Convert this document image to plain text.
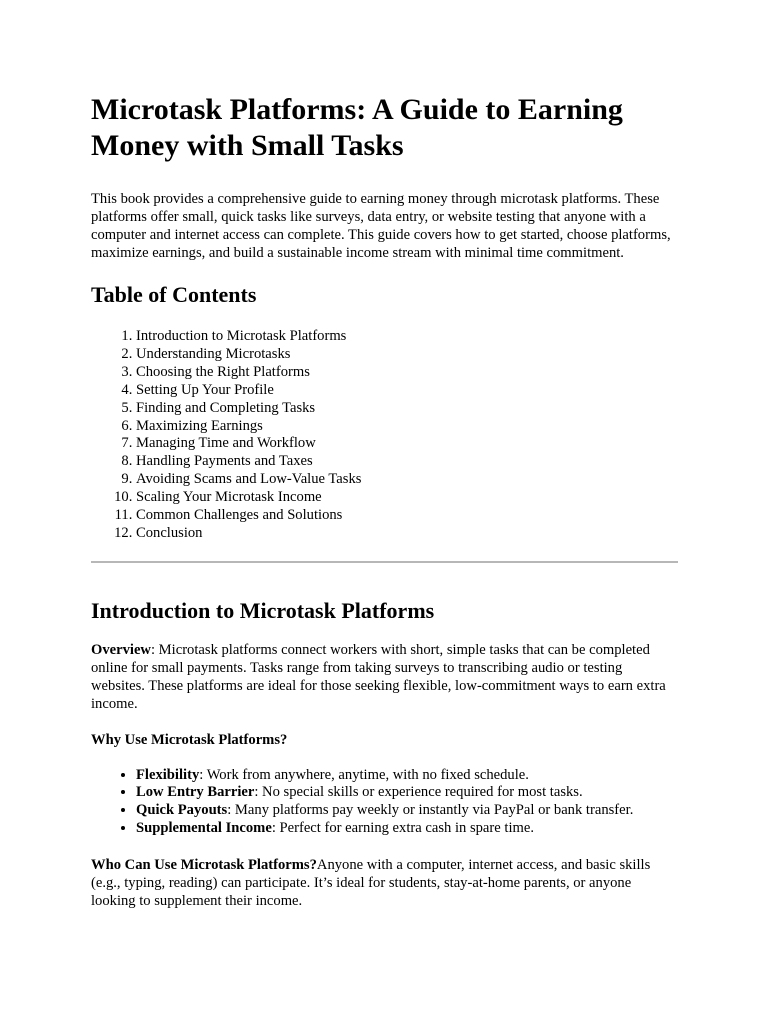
Microtask Platforms: A Guide to Earning Money with Small Tasks

This book provides a comprehensive guide to earning money through microtask platforms. These platforms offer small, quick tasks like surveys, data entry, or website testing that anyone with a computer and internet access can complete. This guide covers how to get started, choose platforms, maximize earnings, and build a sustainable income stream with minimal time commitment.

Table of Contents
1. Introduction to Microtask Platforms
2. Understanding Microtasks
3. Choosing the Right Platforms
4. Setting Up Your Profile
5. Finding and Completing Tasks
6. Maximizing Earnings
7. Managing Time and Workflow
8. Handling Payments and Taxes
9. Avoiding Scams and Low-Value Tasks
10. Scaling Your Microtask Income
11. Common Challenges and Solutions
12. Conclusion
Introduction to Microtask Platforms

Overview: Microtask platforms connect workers with short, simple tasks that can be completed online for small payments. Tasks range from taking surveys to transcribing audio or testing websites. These platforms are ideal for those seeking flexible, low-commitment ways to earn extra income.

Why Use Microtask Platforms?

• Flexibility: Work from anywhere, anytime, with no fixed schedule.
• Low Entry Barrier: No special skills or experience required for most tasks.
• Quick Payouts: Many platforms pay weekly or instantly via PayPal or bank transfer.
• Supplemental Income: Perfect for earning extra cash in spare time.

Who Can Use Microtask Platforms?Anyone with a computer, internet access, and basic skills (e.g., typing, reading) can participate. It’s ideal for students, stay-at-home parents, or anyone looking to supplement their income.
